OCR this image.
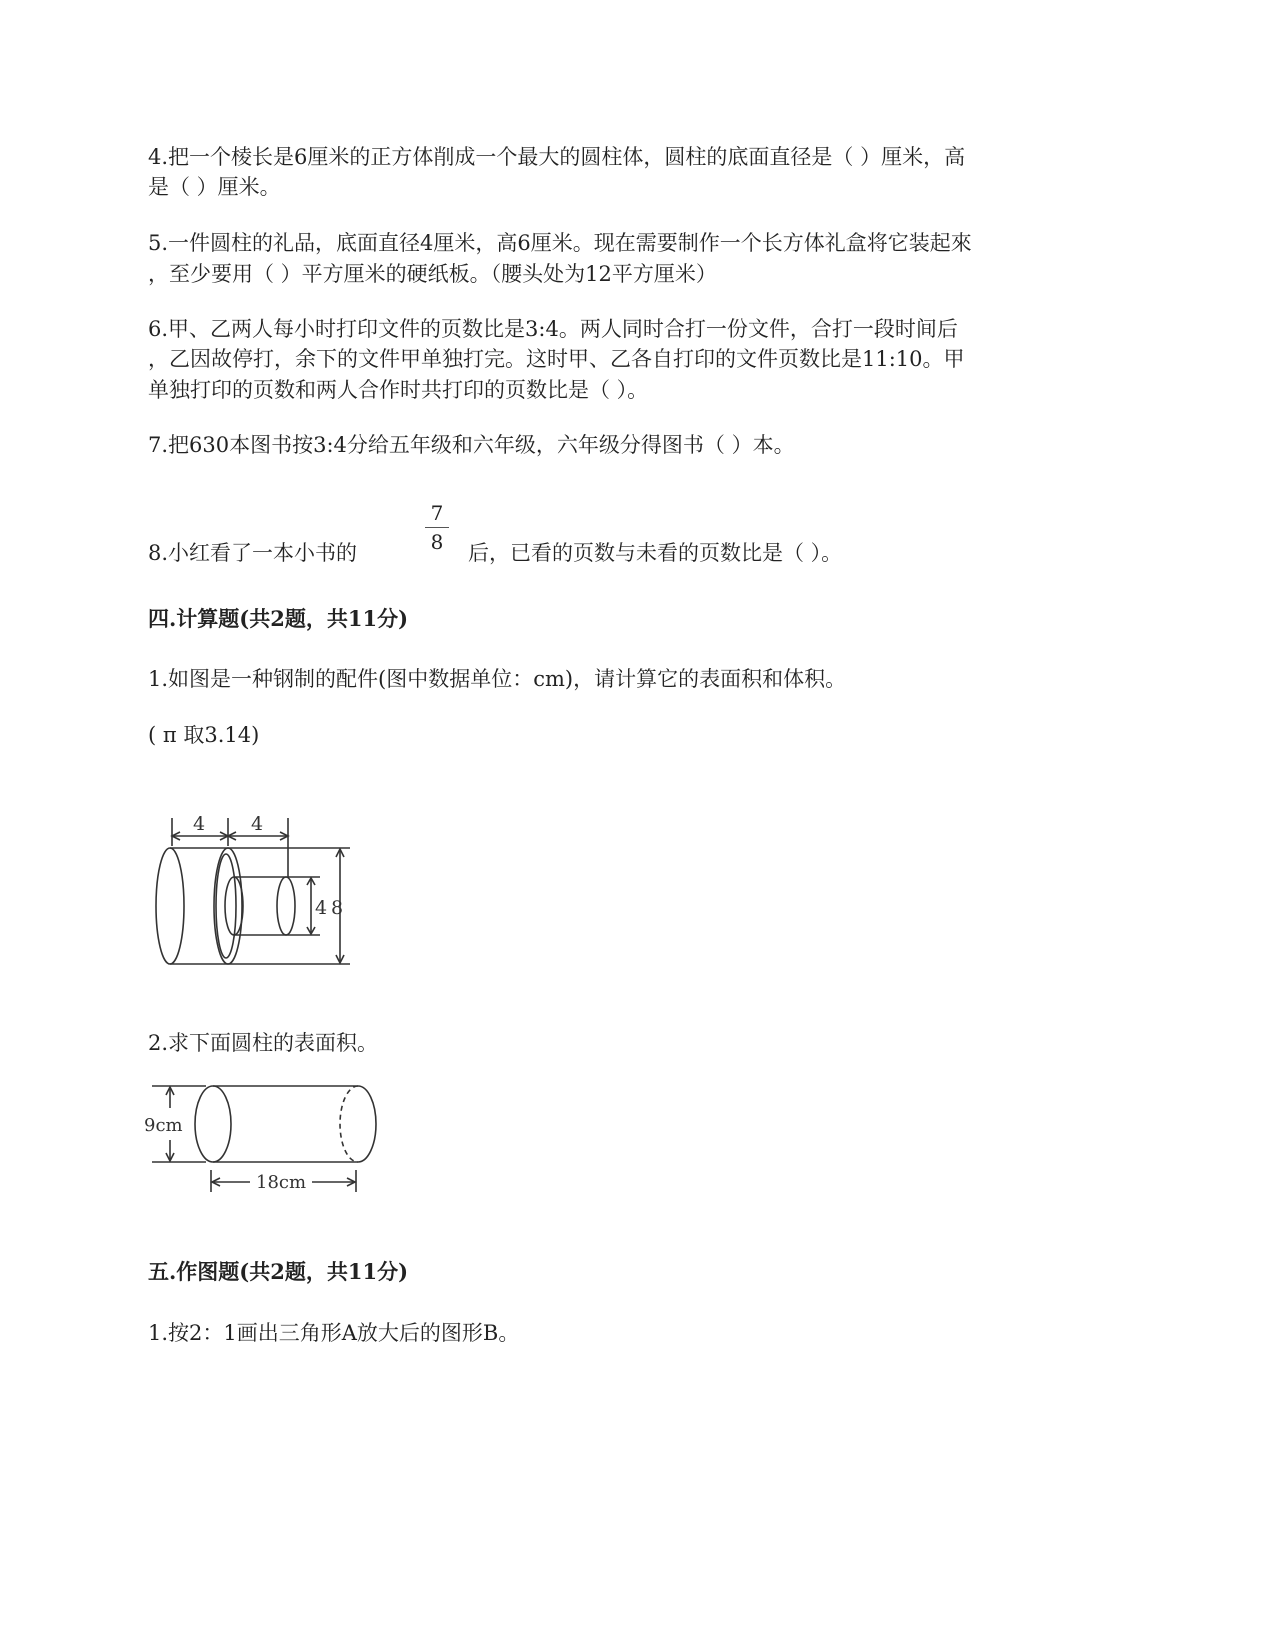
4.把一个棱长是6厘米的正方体削成一个最大的圆柱体，圆柱的底面直径是（ ）厘米，高
是（ ）厘米。
5.一件圆柱的礼品，底面直径4厘米，高6厘米。现在需要制作一个长方体礼盒将它装起來
，至少要用（ ）平方厘米的硬纸板。（腰头处为12平方厘米）
6.甲、乙两人每小时打印文件的页数比是3:4。两人同时合打一份文件，合打一段时间后
，乙因故停打，余下的文件甲单独打完。这时甲、乙各自打印的文件页数比是11:10。甲
单独打印的页数和两人合作时共打印的页数比是（ ）。
7.把630本图书按3:4分给五年级和六年级，六年级分得图书（ ）本。
8.小红看了一本小书的
7
8 后，已看的页数与未看的页数比是（ ）。
四.计算题(共2题，共11分)
1.如图是一种钢制的配件(图中数据单位：cm)，请计算它的表面积和体积。
( π 取3.14)
4 4
4 8
2.求下面圆柱的表面积。
9cm
18cm
五.作图题(共2题，共11分)
1.按2：1画出三角形A放大后的图形B。
